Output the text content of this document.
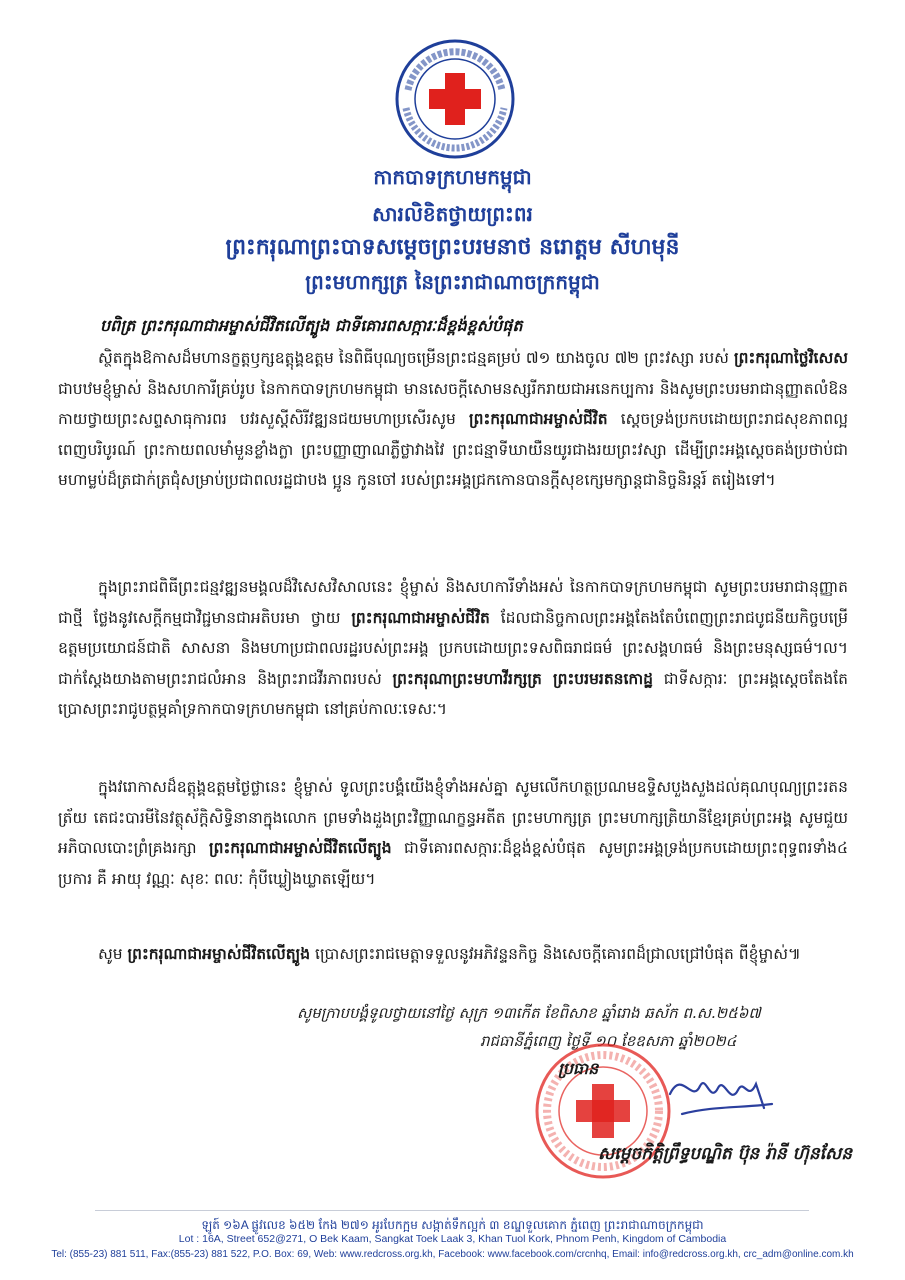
កាកបាទក្រហមកម្ពុជា
សារលិខិតថ្វាយព្រះពរ
ព្រះករុណាព្រះបាទសម្ដេចព្រះបរមនាថ នរោត្ដម សីហមុនី
ព្រះមហាក្សត្រ នៃព្រះរាជាណាចក្រកម្ពុជា
បពិត្រ ព្រះករុណាជាអម្ចាស់ជីវិតលើត្បូង ជាទីគោរពសក្ការៈដ៏ខ្ពង់ខ្ពស់បំផុត
ស្ថិតក្នុងឱកាសដ៏មហានក្ខត្តឫក្សឧត្ដុង្គឧត្ដម នៃពិធីបុណ្យចម្រើនព្រះជន្មគម្រប់ ៧១ យាងចូល ៧២ ព្រះវស្សា របស់ ព្រះករុណាថ្លៃវិសេស ជាបឋមខ្ញុំម្ចាស់ និងសហការីគ្រប់រូប នៃកាកបាទក្រហមកម្ពុជា មានសេចក្ដីសោមនស្សរីករាយជាអនេកប្បការ និងសូមព្រះបរមរាជានុញ្ញាតលំឱនកាយថ្វាយព្រះសព្ទសាធុការពរ បវរសួស្ដីសិរីវឌ្ឍនជយមហាប្រសើរសូម ព្រះករុណាជាអម្ចាស់ជីវិត ស្ដេចទ្រង់ប្រកបដោយព្រះរាជសុខភាពល្អពេញបរិបូរណ៍ ព្រះកាយពលមាំមួនខ្លាំងក្លា ព្រះបញ្ញាញាណភ្លឺថ្លាវាងវៃ ព្រះជន្មាទីឃាយឺនយូរជាងរយព្រះវស្សា ដើម្បីព្រះអង្គស្ដេចគង់ប្រថាប់ជាមហាម្លប់ដ៏ត្រជាក់ត្រជុំសម្រាប់ប្រជាពលរដ្ឋជាបង ប្អូន កូនចៅ របស់ព្រះអង្គជ្រកកោនបានក្ដីសុខក្សេមក្សាន្តជានិច្ចនិរន្តរ៍ តរៀងទៅ។
ក្នុងព្រះរាជពិធីព្រះជន្មវឌ្ឍនមង្គលដ៏វិសេសវិសាលនេះ ខ្ញុំម្ចាស់ និងសហការីទាំងអស់ នៃកាកបាទក្រហមកម្ពុជា សូមព្រះបរមរាជានុញ្ញាតជាថ្មី ថ្លែងនូវសេក្ដីកម្មជាវិជ្ជមានជាអតិបរមា ថ្វាយ ព្រះករុណាជាអម្ចាស់ជីវិត ដែលជានិច្ចកាលព្រះអង្គតែងតែបំពេញព្រះរាជបូជនីយកិច្ចបម្រើឧត្ដមប្រយោជន៍ជាតិ សាសនា និងមហាប្រជាពលរដ្ឋរបស់ព្រះអង្គ ប្រកបដោយព្រះទសពិធរាជធម៌ ព្រះសង្គហធម៌ និងព្រះមនុស្សធម៌។ល។ ជាក់ស្ដែងយាងតាមព្រះរាជលំអាន និងព្រះរាជវីរភាពរបស់ ព្រះករុណាព្រះមហាវីរក្សត្រ ព្រះបរមរតនកោដ្ឋ ជាទីសក្ការៈ ព្រះអង្គស្ដេចតែងតែប្រោសព្រះរាជូបត្ថម្ភគាំទ្រកាកបាទក្រហមកម្ពុជា នៅគ្រប់កាលៈទេសៈ។
ក្នុងវរោកាសដ៏ឧត្ដុង្គឧត្ដមថ្ងៃថ្លានេះ ខ្ញុំម្ចាស់ ទូលព្រះបង្គំយើងខ្ញុំទាំងអស់គ្នា សូមលើកហត្ថប្រណមឧទ្ទិសបួងសួងដល់គុណបុណ្យព្រះរតនត្រ័យ តេជះបារមីនៃវត្ថុស័ក្ដិសិទ្ធិនានាក្នុងលោក ព្រមទាំងដួងព្រះវិញ្ញាណក្ខន្ធអតីត ព្រះមហាក្សត្រ ព្រះមហាក្សត្រិយានីខ្មែរគ្រប់ព្រះអង្គ សូមជួយអភិបាលបោះព្រំគ្រងរក្សា ព្រះករុណាជាអម្ចាស់ជីវិតលើត្បូង ជាទីគោរពសក្ការៈដ៏ខ្ពង់ខ្ពស់បំផុត សូមព្រះអង្គទ្រង់ប្រកបដោយព្រះពុទ្ធពរទាំង៤ ប្រការ គឺ អាយុ វណ្ណៈ សុខៈ ពលៈ កុំបីឃ្លៀងឃ្លាតឡើយ។
សូម ព្រះករុណាជាអម្ចាស់ជីវិតលើត្បូង ប្រោសព្រះរាជមេត្តាទទួលនូវអភិវន្ទនកិច្ច និងសេចក្ដីគោរពដ៏ជ្រាលជ្រៅបំផុត ពីខ្ញុំម្ចាស់៕
សូមក្រាបបង្គំទូលថ្វាយនៅថ្ងៃ ​សុក្រ ១៣កើត ខែពិសាខ ឆ្នាំរោង ឆស័ក ព.ស.២៥៦៧
រាជធានីភ្នំពេញ ថ្ងៃទី ១០ ខែឧសភា ឆ្នាំ២០២៤
ប្រធាន
សម្ដេចកិត្តិព្រឹទ្ធបណ្ឌិត ប៊ុន រ៉ានី ហ៊ុនសែន
ឡូត៍ ១៦A ផ្លូវលេខ ៦៥២ កែង ២៧១ អូរបែកក្អម សង្កាត់ទឹកល្អក់ ៣ ខណ្ឌទួលគោក ភ្នំពេញ ព្រះរាជាណាចក្រកម្ពុជា
Lot : 16A, Street 652@271, O Bek Kaam, Sangkat Toek Laak 3, Khan Tuol Kork, Phnom Penh, Kingdom of Cambodia
Tel: (855-23) 881 511, Fax:(855-23) 881 522, P.O. Box: 69, Web: www.redcross.org.kh, Facebook: www.facebook.com/crcnhq, Email: info@redcross.org.kh, crc_adm@online.com.kh
